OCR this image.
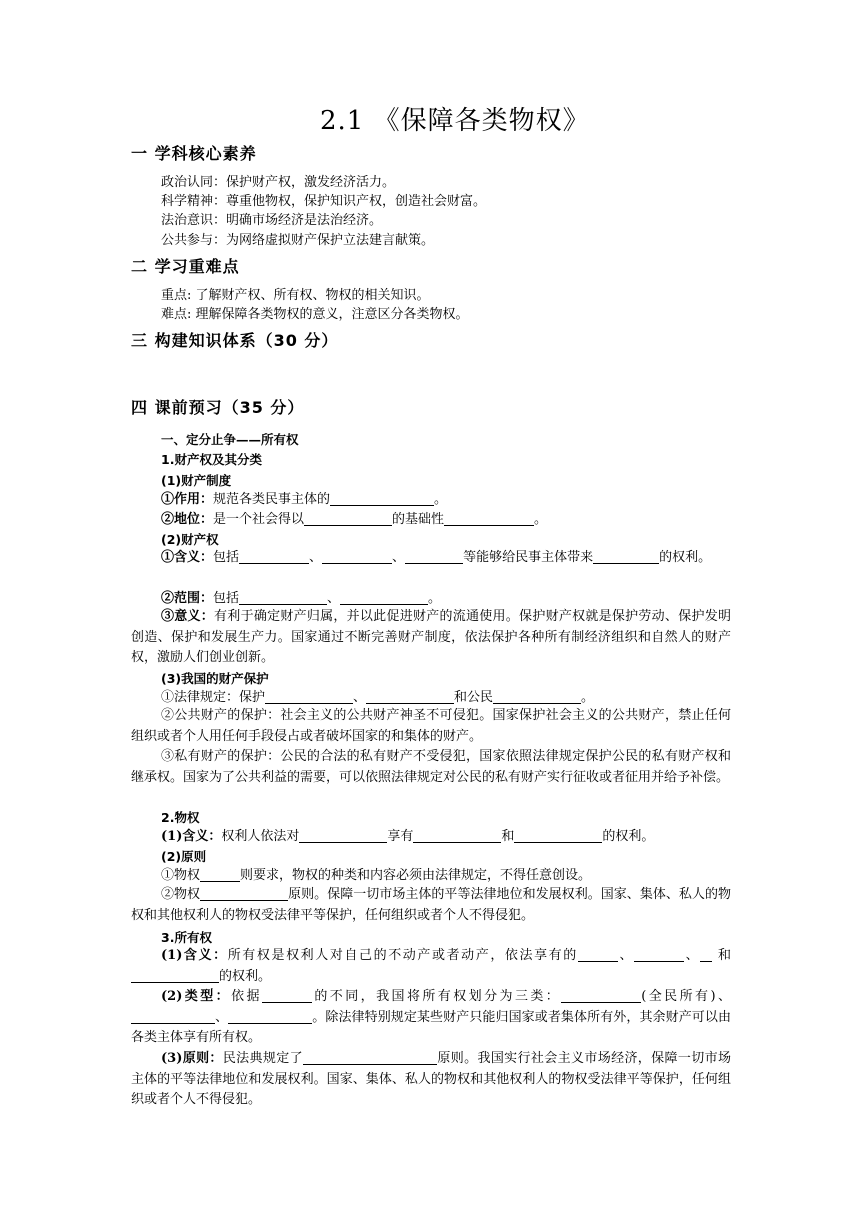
2.1 《保障各类物权》
一 学科核心素养
政治认同：保护财产权，激发经济活力。
科学精神：尊重他物权，保护知识产权，创造社会财富。
法治意识：明确市场经济是法治经济。
公共参与：为网络虚拟财产保护立法建言献策。
二 学习重难点
重点: 了解财产权、所有权、物权的相关知识。
难点: 理解保障各类物权的意义，注意区分各类物权。
三 构建知识体系（30 分）
四 课前预习（35 分）
一、定分止争——所有权
1.财产权及其分类
(1)财产制度
①作用：规范各类民事主体的	。
②地位：是一个社会得以	的基础性	。
(2)财产权
①含义：包括	、	、	等能够给民事主体带来	的权利。
②范围：包括	、	。
③意义：有利于确定财产归属，并以此促进财产的流通使用。保护财产权就是保护劳动、保护发明创造、保护和发展生产力。国家通过不断完善财产制度，依法保护各种所有制经济组织和自然人的财产权，激励人们创业创新。
(3)我国的财产保护
①法律规定：保护	、	和公民	。
②公共财产的保护：社会主义的公共财产神圣不可侵犯。国家保护社会主义的公共财产，禁止任何组织或者个人用任何手段侵占或者破坏国家的和集体的财产。
③私有财产的保护：公民的合法的私有财产不受侵犯，国家依照法律规定保护公民的私有财产权和继承权。国家为了公共利益的需要，可以依照法律规定对公民的私有财产实行征收或者征用并给予补偿。
2.物权
(1)含义：权利人依法对	享有	和	的权利。
(2)原则
①物权	则要求，物权的种类和内容必须由法律规定，不得任意创设。
②物权	原则。保障一切市场主体的平等法律地位和发展权利。国家、集体、私人的物权和其他权利人的物权受法律平等保护，任何组织或者个人不得侵犯。
3.所有权
(1)含义：所有权是权利人对自己的不动产或者动产，依法享有的	、	、 和的权利。
(2)类型：依据	的不同，我国将所有权划分为三类：	(全民所有)、、	。除法律特别规定某些财产只能归国家或者集体所有外，其余财产可以由各类主体享有所有权。
(3)原则：民法典规定了	原则。我国实行社会主义市场经济，保障一切市场主体的平等法律地位和发展权利。国家、集体、私人的物权和其他权利人的物权受法律平等保护，任何组织或者个人不得侵犯。
